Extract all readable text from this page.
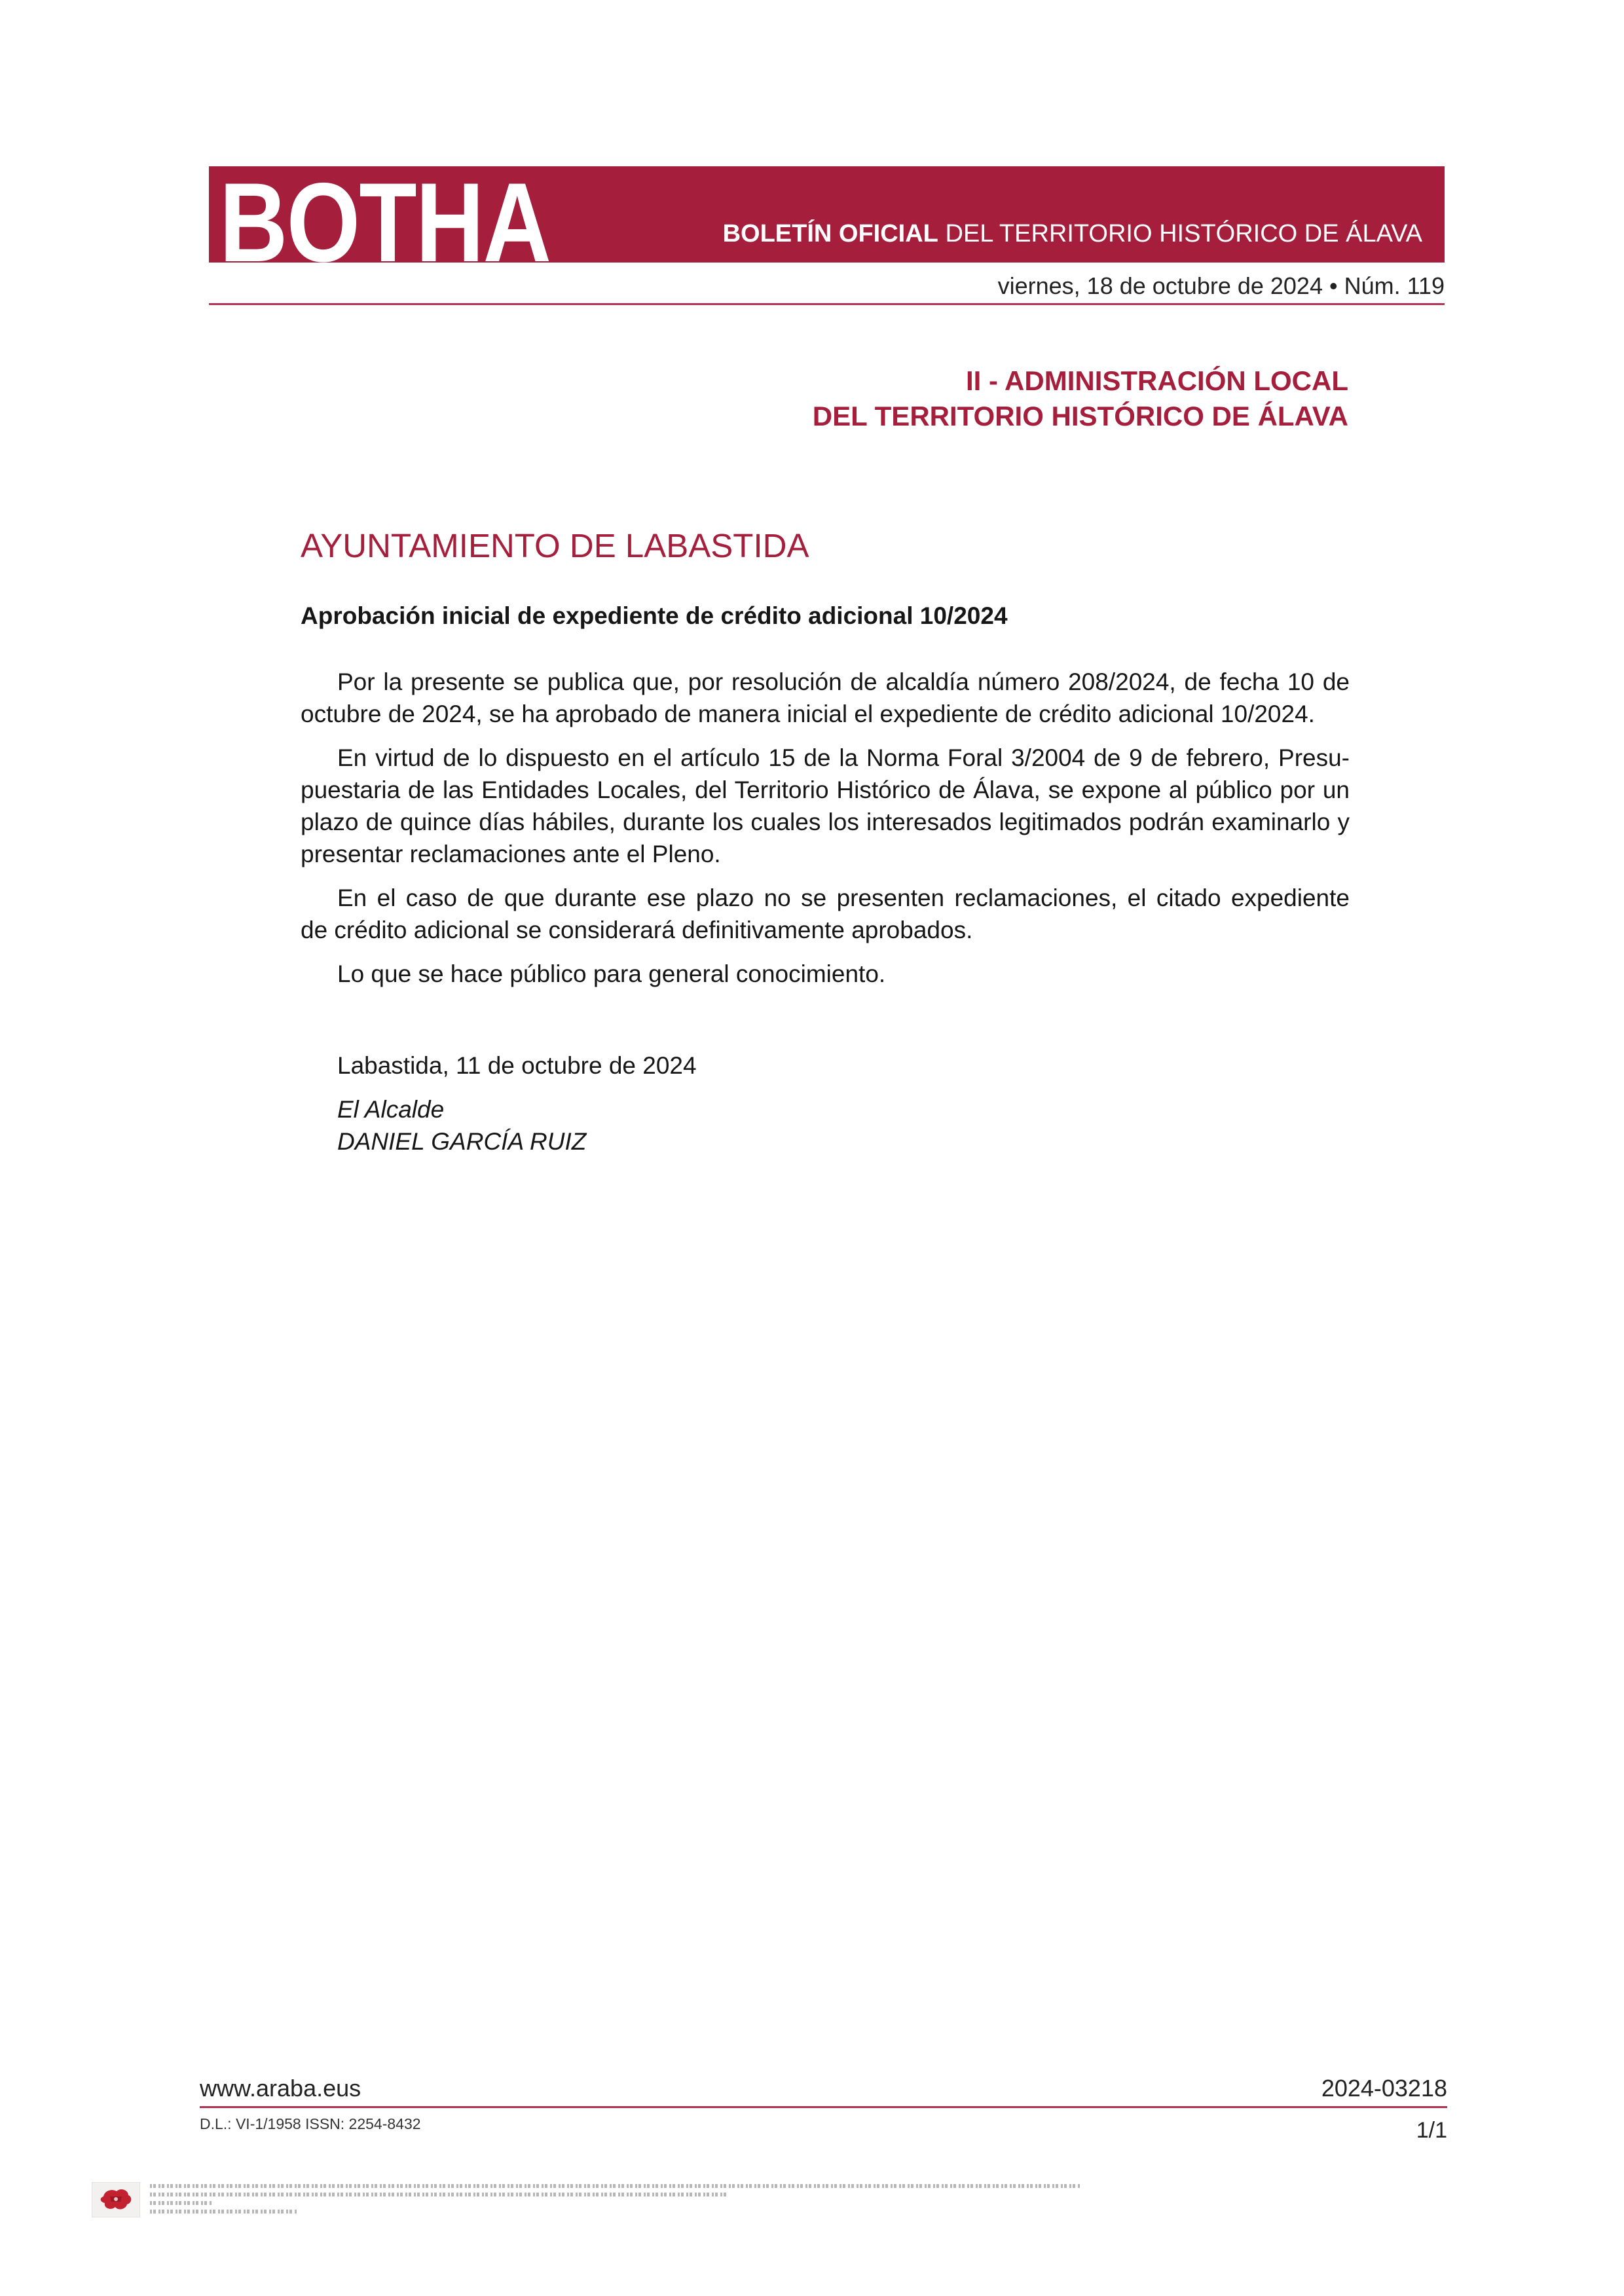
BOTHA	BOLETÍN OFICIAL DEL TERRITORIO HISTÓRICO DE ÁLAVA
viernes, 18 de octubre de 2024 • Núm. 119
II - ADMINISTRACIÓN LOCAL
DEL TERRITORIO HISTÓRICO DE ÁLAVA
AYUNTAMIENTO DE LABASTIDA
Aprobación inicial de expediente de crédito adicional 10/2024
Por la presente se publica que, por resolución de alcaldía número 208/2024, de fecha 10 de
octubre de 2024, se ha aprobado de manera inicial el expediente de crédito adicional 10/2024.
En virtud de lo dispuesto en el artículo 15 de la Norma Foral 3/2004 de 9 de febrero, Presu-
puestaria de las Entidades Locales, del Territorio Histórico de Álava, se expone al público por un
plazo de quince días hábiles, durante los cuales los interesados legitimados podrán examinarlo y
presentar reclamaciones ante el Pleno.
En el caso de que durante ese plazo no se presenten reclamaciones, el citado expediente
de crédito adicional se considerará definitivamente aprobados.
Lo que se hace público para general conocimiento.
Labastida, 11 de octubre de 2024
El Alcalde
DANIEL GARCÍA RUIZ
www.araba.eus	2024-03218
D.L.: VI-1/1958 ISSN: 2254-8432	1/1
